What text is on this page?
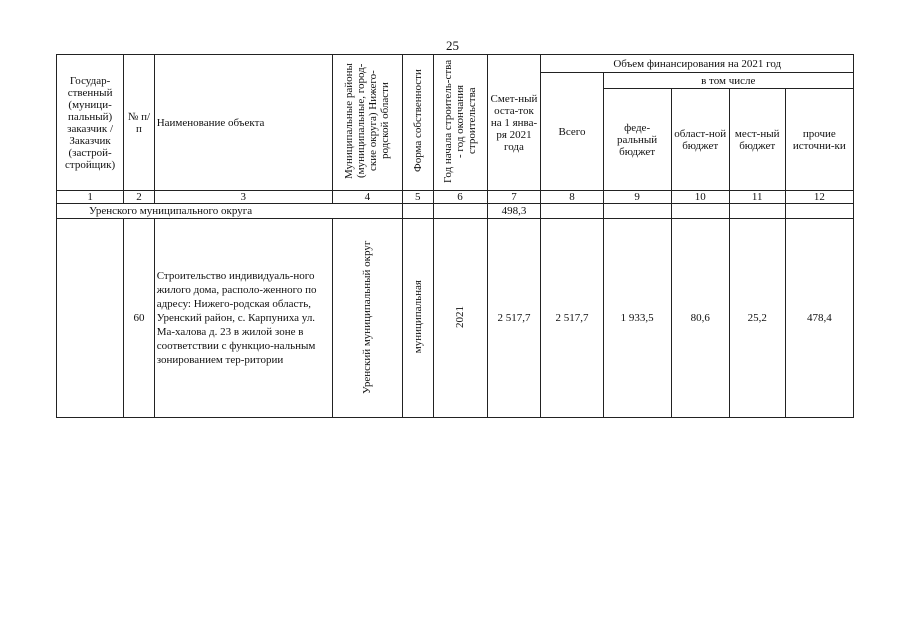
25
Государ-ственный (муници-пальный) заказчик / Заказчик (застрой-стройщик)	№ п/п	Наименование объекта	Муниципальные районы (муниципальные, город-ские округа) Нижего-родской области	Форма собственности	Год начала строитель-ства - год окончания строительства	Смет-ный оста-ток на 1 янва-ря 2021 года	Объем финансирования на 2021 год				
							Всего	в том числе			
								феде-ральный бюджет	област-ной бюджет	мест-ный бюджет	прочие источни-ки
1	2	3	4	5	6	7	8	9	10	11	12
Уренского муниципального округа						498,3					
	60	Строительство индивидуаль-ного жилого дома, располо-женного по адресу: Нижего-родская область, Уренский район, с. Карпуниха ул. Ма-халова д. 23 в жилой зоне в соответствии с функцио-нальным зонированием тер-ритории	Уренский муниципальный округ	муниципальная	2021	2 517,7	2 517,7	1 933,5	80,6	25,2	478,4
